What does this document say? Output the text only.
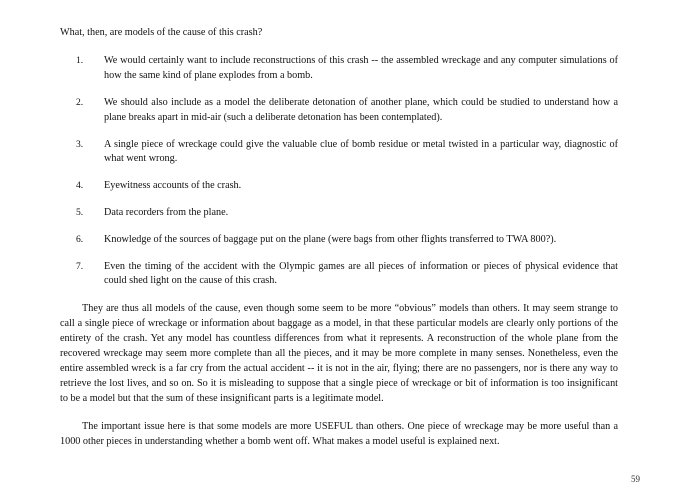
What, then, are models of the cause of this crash?

1.	We would certainly want to include reconstructions of this crash -- the assembled wreckage and any computer simulations of how the same kind of plane explodes from a bomb.
2.	We should also include as a model the deliberate detonation of another plane, which could be studied to understand how a plane breaks apart in mid-air (such a deliberate detonation has been contemplated).
3.	A single piece of wreckage could give the valuable clue of bomb residue or metal twisted in a particular way, diagnostic of what went wrong.
4.	Eyewitness accounts of the crash.
5.	Data recorders from the plane.
6.	Knowledge of the sources of baggage put on the plane (were bags from other flights transferred to TWA 800?).
7.	Even the timing of the accident with the Olympic games are all pieces of information or pieces of physical evidence that could shed light on the cause of this crash.

They are thus all models of the cause, even though some seem to be more “obvious” models than others. It may seem strange to call a single piece of wreckage or information about baggage as a model, in that these particular models are clearly only portions of the entirety of the crash. Yet any model has countless differences from what it represents. A reconstruction of the whole plane from the recovered wreckage may seem more complete than all the pieces, and it may be more complete in many senses. Nonetheless, even the entire assembled wreck is a far cry from the actual accident -- it is not in the air, flying; there are no passengers, nor is there any way to retrieve the lost lives, and so on. So it is misleading to suppose that a single piece of wreckage or bit of information is too insignificant to be a model but that the sum of these insignificant parts is a legitimate model.

The important issue here is that some models are more USEFUL than others. One piece of wreckage may be more useful than a 1000 other pieces in understanding whether a bomb went off. What makes a model useful is explained next.

59
